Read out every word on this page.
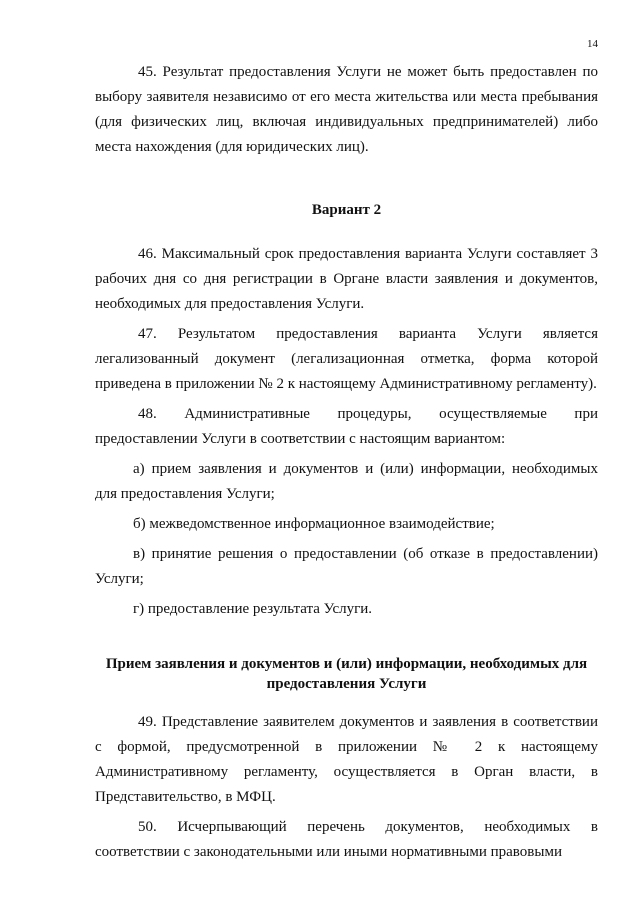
14

45. Результат предоставления Услуги не может быть предоставлен по выбору заявителя независимо от его места жительства или места пребывания (для физических лиц, включая индивидуальных предпринимателей) либо места нахождения (для юридических лиц).

Вариант 2

46. Максимальный срок предоставления варианта Услуги составляет 3 рабочих дня со дня регистрации в Органе власти заявления и документов, необходимых для предоставления Услуги.

47. Результатом предоставления варианта Услуги является легализованный документ (легализационная отметка, форма которой приведена в приложении № 2 к настоящему Административному регламенту).

48. Административные процедуры, осуществляемые при предоставлении Услуги в соответствии с настоящим вариантом:

а) прием заявления и документов и (или) информации, необходимых для предоставления Услуги;

б) межведомственное информационное взаимодействие;

в) принятие решения о предоставлении (об отказе в предоставлении) Услуги;

г) предоставление результата Услуги.

Прием заявления и документов и (или) информации, необходимых для предоставления Услуги

49. Представление заявителем документов и заявления в соответствии с формой, предусмотренной в приложении № 2 к настоящему Административному регламенту, осуществляется в Орган власти, в Представительство, в МФЦ.

50. Исчерпывающий перечень документов, необходимых в соответствии с законодательными или иными нормативными правовыми
